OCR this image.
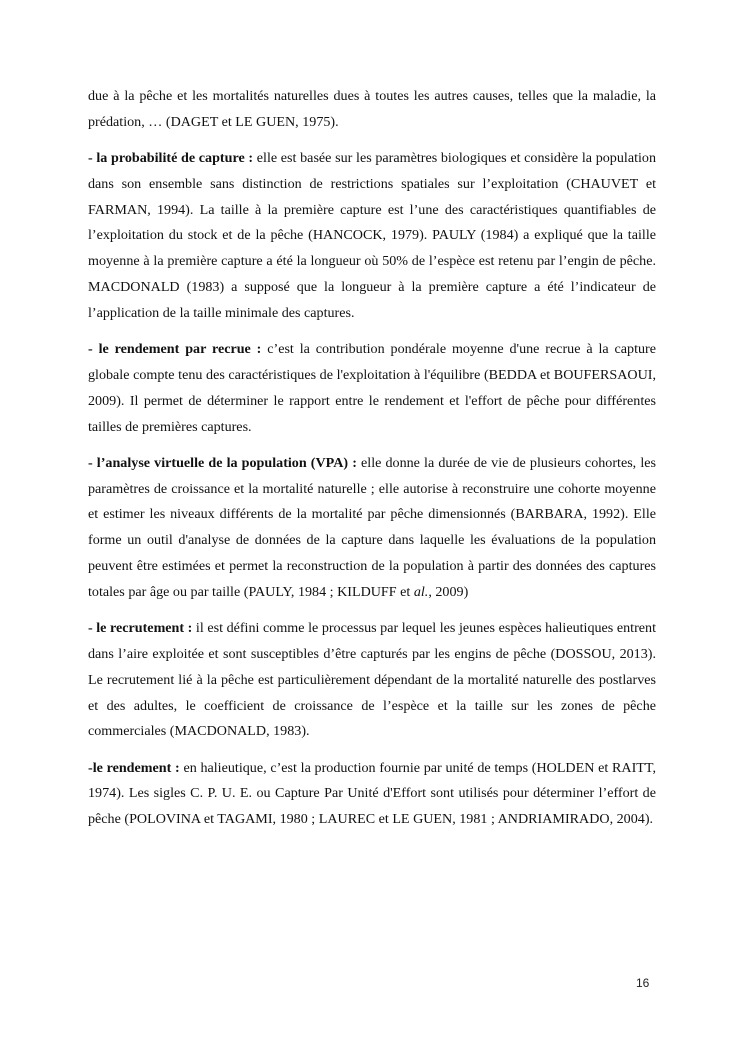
due à la pêche et les mortalités naturelles dues à toutes les autres causes, telles que la maladie, la prédation, … (DAGET et LE GUEN, 1975).

- la probabilité de capture : elle est basée sur les paramètres biologiques et considère la population dans son ensemble sans distinction de restrictions spatiales sur l’exploitation (CHAUVET et FARMAN, 1994). La taille à la première capture est l’une des caractéristiques quantifiables de l’exploitation du stock et de la pêche (HANCOCK, 1979). PAULY (1984) a expliqué que la taille moyenne à la première capture a été la longueur où 50% de l’espèce est retenu par l’engin de pêche. MACDONALD (1983) a supposé que la longueur à la première capture a été l’indicateur de l’application de la taille minimale des captures.

- le rendement par recrue : c’est la contribution pondérale moyenne d'une recrue à la capture globale compte tenu des caractéristiques de l'exploitation à l'équilibre (BEDDA et BOUFERSAOUI, 2009). Il permet de déterminer le rapport entre le rendement et l'effort de pêche pour différentes tailles de premières captures.

- l’analyse virtuelle de la population (VPA) : elle donne la durée de vie de plusieurs cohortes, les paramètres de croissance et la mortalité naturelle ; elle autorise à reconstruire une cohorte moyenne et estimer les niveaux différents de la mortalité par pêche dimensionnés (BARBARA, 1992). Elle forme un outil d'analyse de données de la capture dans laquelle les évaluations de la population peuvent être estimées et permet la reconstruction de la population à partir des données des captures totales par âge ou par taille (PAULY, 1984 ; KILDUFF et al., 2009)

- le recrutement : il est défini comme le processus par lequel les jeunes espèces halieutiques entrent dans l’aire exploitée et sont susceptibles d’être capturés par les engins de pêche (DOSSOU, 2013). Le recrutement lié à la pêche est particulièrement dépendant de la mortalité naturelle des postlarves et des adultes, le coefficient de croissance de l’espèce et la taille sur les zones de pêche commerciales (MACDONALD, 1983).

-le rendement : en halieutique, c’est la production fournie par unité de temps (HOLDEN et RAITT, 1974). Les sigles C. P. U. E. ou Capture Par Unité d'Effort sont utilisés pour déterminer l’effort de pêche (POLOVINA et TAGAMI, 1980 ; LAUREC et LE GUEN, 1981 ; ANDRIAMIRADO, 2004).

16
